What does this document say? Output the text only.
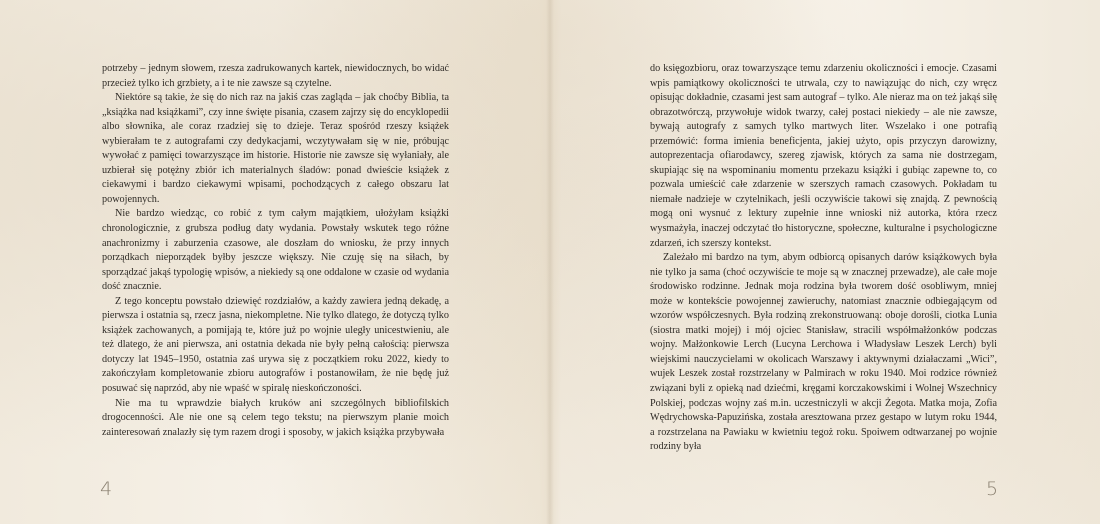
potrzeby – jednym słowem, rzesza zadrukowanych kartek, niewidocznych, bo widać przecież tylko ich grzbiety, a i te nie zawsze są czytelne.

Niektóre są takie, że się do nich raz na jakiś czas zagląda – jak choćby Biblia, ta „książka nad książkami”, czy inne święte pisania, czasem zajrzy się do encyklopedii albo słownika, ale coraz rzadziej się to dzieje. Teraz spośród rzeszy książek wybierałam te z autografami czy dedykacjami, wczytywałam się w nie, próbując wywołać z pamięci towarzyszące im historie. Historie nie zawsze się wyłaniały, ale uzbierał się potężny zbiór ich materialnych śladów: ponad dwieście książek z ciekawymi i bardzo ciekawymi wpisami, pochodzących z całego obszaru lat powojennych.

Nie bardzo wiedząc, co robić z tym całym majątkiem, ułożyłam książki chronologicznie, z grubsza podług daty wydania. Powstały wskutek tego różne anachronizmy i zaburzenia czasowe, ale doszłam do wniosku, że przy innych porządkach nieporządek byłby jeszcze większy. Nie czuję się na siłach, by sporządzać jakąś typologię wpisów, a niekiedy są one oddalone w czasie od wydania dość znacznie.

Z tego konceptu powstało dziewięć rozdziałów, a każdy zawiera jedną dekadę, a pierwsza i ostatnia są, rzecz jasna, niekompletne. Nie tylko dlatego, że dotyczą tylko książek zachowanych, a pomijają te, które już po wojnie uległy unicestwieniu, ale też dlatego, że ani pierwsza, ani ostatnia dekada nie były pełną całością: pierwsza dotyczy lat 1945–1950, ostatnia zaś urywa się z początkiem roku 2022, kiedy to zakończyłam kompletowanie zbioru autografów i postanowiłam, że nie będę już posuwać się naprzód, aby nie wpaść w spiralę nieskończoności.

Nie ma tu wprawdzie białych kruków ani szczególnych bibliofilskich drogocenności. Ale nie one są celem tego tekstu; na pierwszym planie moich zainteresowań znalazły się tym razem drogi i sposoby, w jakich książka przybywała

4

do księgozbioru, oraz towarzyszące temu zdarzeniu okoliczności i emocje. Czasami wpis pamiątkowy okoliczności te utrwala, czy to nawiązując do nich, czy wręcz opisując dokładnie, czasami jest sam autograf – tylko. Ale nieraz ma on też jakąś siłę obrazotwórczą, przywołuje widok twarzy, całej postaci niekiedy – ale nie zawsze, bywają autografy z samych tylko martwych liter. Wszelako i one potrafią przemówić: forma imienia beneficjenta, jakiej użyto, opis przyczyn darowizny, autoprezentacja ofiarodawcy, szereg zjawisk, których za sama nie dostrzegam, skupiając się na wspominaniu momentu przekazu książki i gubiąc zapewne to, co pozwala umieścić całe zdarzenie w szerszych ramach czasowych. Pokładam tu niemałe nadzieje w czytelnikach, jeśli oczywiście takowi się znajdą. Z pewnością mogą oni wysnuć z lektury zupełnie inne wnioski niż autorka, która rzecz wysmażyła, inaczej odczytać tło historyczne, społeczne, kulturalne i psychologiczne zdarzeń, ich szerszy kontekst.

Zależało mi bardzo na tym, abym odbiorcą opisanych darów książkowych była nie tylko ja sama (choć oczywiście te moje są w znacznej przewadze), ale całe moje środowisko rodzinne. Jednak moja rodzina była tworem dość osobliwym, mniej może w kontekście powojennej zawieruchy, natomiast znacznie odbiegającym od wzorów współczesnych. Była rodziną zrekonstruowaną: oboje dorośli, ciotka Lunia (siostra matki mojej) i mój ojciec Stanisław, stracili współmałżonków podczas wojny. Małżonkowie Lerch (Lucyna Lerchowa i Władysław Leszek Lerch) byli wiejskimi nauczycielami w okolicach Warszawy i aktywnymi działaczami „Wici”, wujek Leszek został rozstrzelany w Palmirach w roku 1940. Moi rodzice również związani byli z opieką nad dziećmi, kręgami korczakowskimi i Wolnej Wszechnicy Polskiej, podczas wojny zaś m.in. uczestniczyli w akcji Żegota. Matka moja, Zofia Wędrychowska-Papuzińska, została aresztowana przez gestapo w lutym roku 1944, a rozstrzelana na Pawiaku w kwietniu tegoż roku. Spoiwem odtwarzanej po wojnie rodziny była

5
